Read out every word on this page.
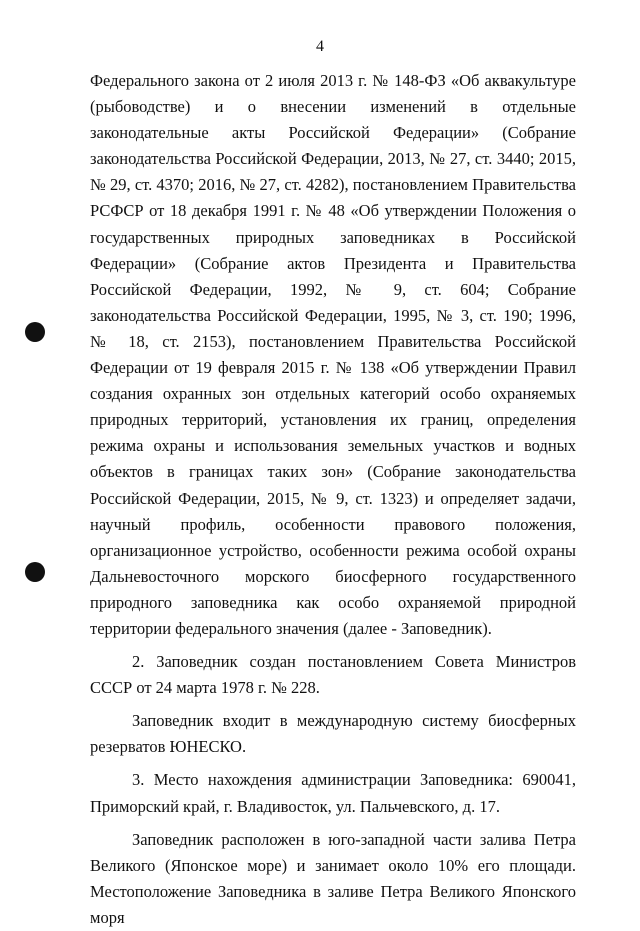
4

Федерального закона от 2 июля 2013 г. № 148-ФЗ «Об аквакультуре (рыбоводстве) и о внесении изменений в отдельные законодательные акты Российской Федерации» (Собрание законодательства Российской Федерации, 2013, № 27, ст. 3440; 2015, № 29, ст. 4370; 2016, № 27, ст. 4282), постановлением Правительства РСФСР от 18 декабря 1991 г. № 48 «Об утверждении Положения о государственных природных заповедниках в Российской Федерации» (Собрание актов Президента и Правительства Российской Федерации, 1992, № 9, ст. 604; Собрание законодательства Российской Федерации, 1995, № 3, ст. 190; 1996, № 18, ст. 2153), постановлением Правительства Российской Федерации от 19 февраля 2015 г. № 138 «Об утверждении Правил создания охранных зон отдельных категорий особо охраняемых природных территорий, установления их границ, определения режима охраны и использования земельных участков и водных объектов в границах таких зон» (Собрание законодательства Российской Федерации, 2015, № 9, ст. 1323) и определяет задачи, научный профиль, особенности правового положения, организационное устройство, особенности режима особой охраны Дальневосточного морского биосферного государственного природного заповедника как особо охраняемой природной территории федерального значения (далее - Заповедник).

2. Заповедник создан постановлением Совета Министров СССР от 24 марта 1978 г. № 228.

Заповедник входит в международную систему биосферных резерватов ЮНЕСКО.

3. Место нахождения администрации Заповедника: 690041, Приморский край, г. Владивосток, ул. Пальчевского, д. 17.

Заповедник расположен в юго-западной части залива Петра Великого (Японское море) и занимает около 10% его площади. Местоположение Заповедника в заливе Петра Великого Японского моря
